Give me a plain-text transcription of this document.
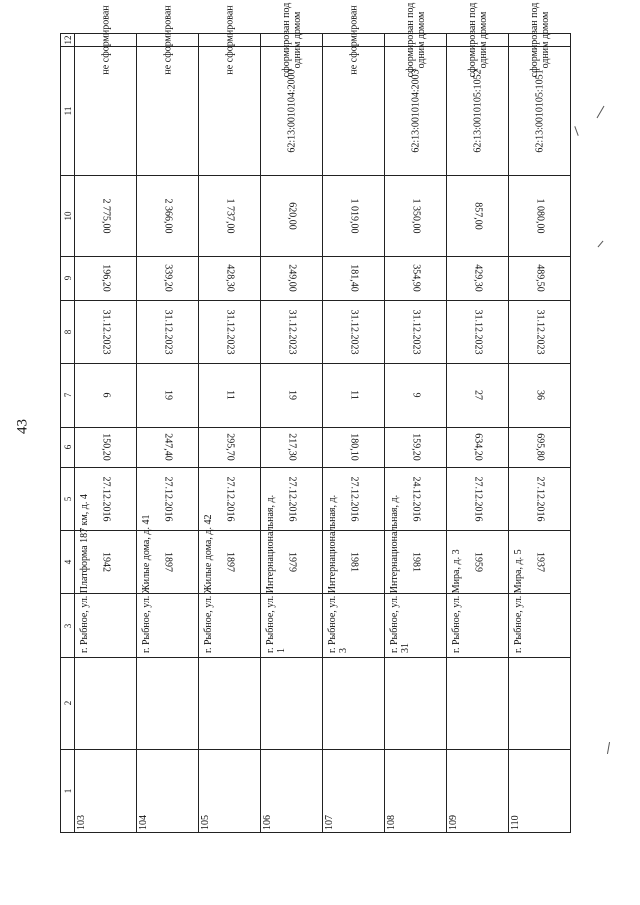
43
12	не сформирован	не сформирован	не сформирован	сформирован под одним домом	не сформирован	сформирован под одним домом	сформирован под одним домом	сформирован под одним домом

11				62:13:0010104:2000		62:13:0010104:2003	62:13:0010105:1052	62:13:0010105:1051

10	2 775,00	2 366,00	1 737,00	620,00	1 019,00	1 350,00	857,00	1 080,00

9	196,20	339,20	428,30	249,00	181,40	354,90	429,30	489,50

8	31.12.2023	31.12.2023	31.12.2023	31.12.2023	31.12.2023	31.12.2023	31.12.2023	31.12.2023

7	6	19	11	19	11	9	27	36

6	150,20	247,40	295,70	217,30	180,10	159,20	634,20	695,80

5	27.12.2016	27.12.2016	27.12.2016	27.12.2016	27.12.2016	24.12.2016	27.12.2016	27.12.2016

4	1942	1897	1897	1979	1981	1981	1959	1937

3	г. Рыбное, ул. Платформа 187 км, д. 4	г. Рыбное, ул. Жилые дома, д. 41	г. Рыбное, ул. Жилые дома, д. 42	г. Рыбное, ул. Интернациональная, д. 1	г. Рыбное, ул. Интернациональная, д. 3	г. Рыбное, ул. Интернациональная, д. 31	г. Рыбное, ул. Мира, д. 3	г. Рыбное, ул. Мира, д. 5

2								

1	103	104	105	106	107	108	109	110
